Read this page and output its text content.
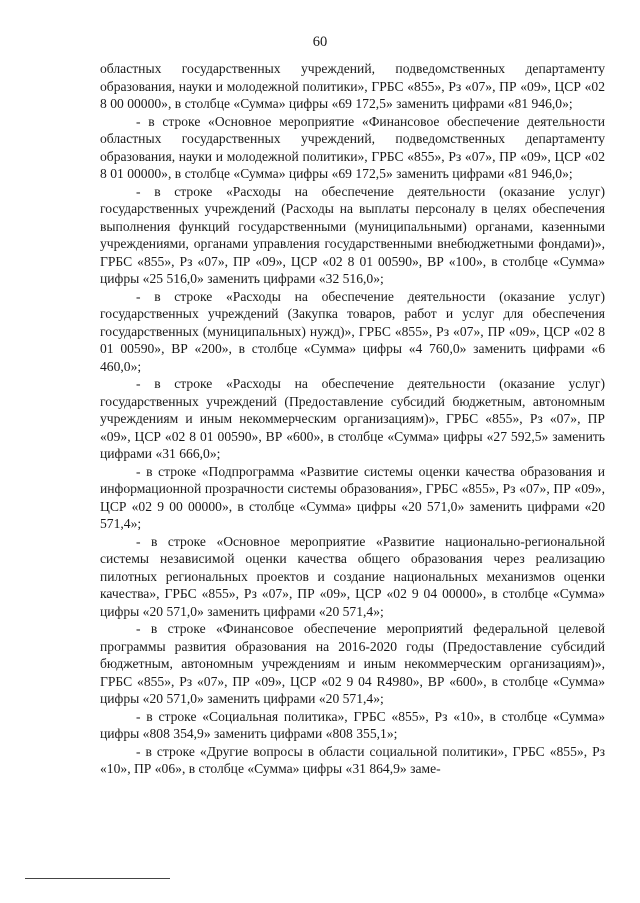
60

областных государственных учреждений, подведомственных департаменту образования, науки и молодежной политики», ГРБС «855», Рз «07», ПР «09», ЦСР «02 8 00 00000», в столбце «Сумма» цифры «69 172,5» заменить цифрами «81 946,0»;

- в строке «Основное мероприятие «Финансовое обеспечение деятельности областных государственных учреждений, подведомственных департаменту образования, науки и молодежной политики», ГРБС «855», Рз «07», ПР «09», ЦСР «02 8 01 00000», в столбце «Сумма» цифры «69 172,5» заменить цифрами «81 946,0»;

- в строке «Расходы на обеспечение деятельности (оказание услуг) государственных учреждений (Расходы на выплаты персоналу в целях обеспечения выполнения функций государственными (муниципальными) органами, казенными учреждениями, органами управления государственными внебюджетными фондами)», ГРБС «855», Рз «07», ПР «09», ЦСР «02 8 01 00590», ВР «100», в столбце «Сумма» цифры «25 516,0» заменить цифрами «32 516,0»;

- в строке «Расходы на обеспечение деятельности (оказание услуг) государственных учреждений (Закупка товаров, работ и услуг для обеспечения государственных (муниципальных) нужд)», ГРБС «855», Рз «07», ПР «09», ЦСР «02 8 01 00590», ВР «200», в столбце «Сумма» цифры «4 760,0» заменить цифрами «6 460,0»;

- в строке «Расходы на обеспечение деятельности (оказание услуг) государственных учреждений (Предоставление субсидий бюджетным, автономным учреждениям и иным некоммерческим организациям)», ГРБС «855», Рз «07», ПР «09», ЦСР «02 8 01 00590», ВР «600», в столбце «Сумма» цифры «27 592,5» заменить цифрами «31 666,0»;

- в строке «Подпрограмма «Развитие системы оценки качества образования и информационной прозрачности системы образования», ГРБС «855», Рз «07», ПР «09», ЦСР «02 9 00 00000», в столбце «Сумма» цифры «20 571,0» заменить цифрами «20 571,4»;

- в строке «Основное мероприятие «Развитие национально-региональной системы независимой оценки качества общего образования через реализацию пилотных региональных проектов и создание национальных механизмов оценки качества», ГРБС «855», Рз «07», ПР «09», ЦСР «02 9 04 00000», в столбце «Сумма» цифры «20 571,0» заменить цифрами «20 571,4»;

- в строке «Финансовое обеспечение мероприятий федеральной целевой программы развития образования на 2016-2020 годы (Предоставление субсидий бюджетным, автономным учреждениям и иным некоммерческим организациям)», ГРБС «855», Рз «07», ПР «09», ЦСР «02 9 04 R4980», ВР «600», в столбце «Сумма» цифры «20 571,0» заменить цифрами «20 571,4»;

- в строке «Социальная политика», ГРБС «855», Рз «10», в столбце «Сумма» цифры «808 354,9» заменить цифрами «808 355,1»;

- в строке «Другие вопросы в области социальной политики», ГРБС «855», Рз «10», ПР «06», в столбце «Сумма» цифры «31 864,9» заме-
